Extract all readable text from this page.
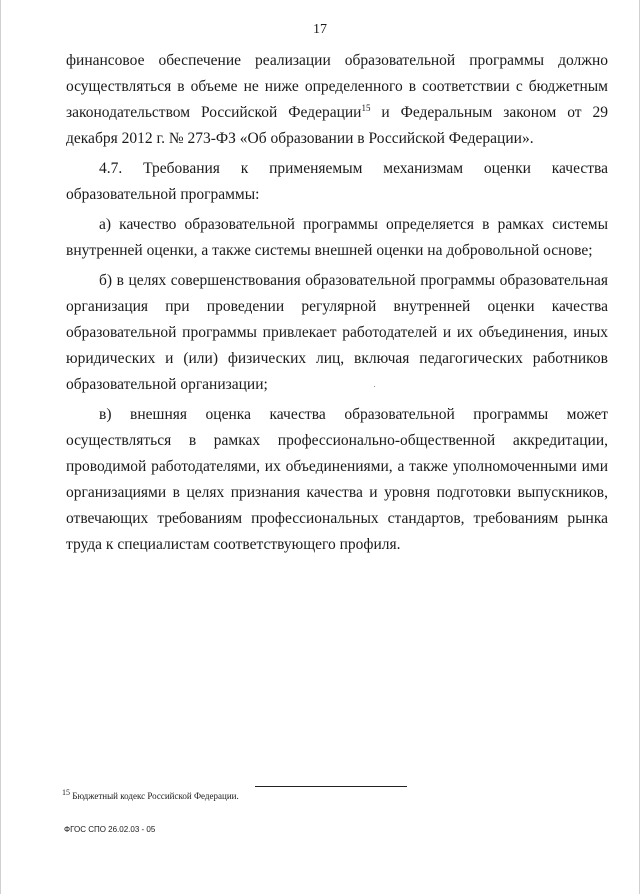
17

финансовое обеспечение реализации образовательной программы должно осуществляться в объеме не ниже определенного в соответствии с бюджетным законодательством Российской Федерации$^{15}$ и Федеральным законом от 29 декабря 2012 г. № 273-ФЗ «Об образовании в Российской Федерации».

4.7. Требования к применяемым механизмам оценки качества образовательной программы:

а) качество образовательной программы определяется в рамках системы внутренней оценки, а также системы внешней оценки на добровольной основе;

б) в целях совершенствования образовательной программы образовательная организация при проведении регулярной внутренней оценки качества образовательной программы привлекает работодателей и их объединения, иных юридических и (или) физических лиц, включая педагогических работников образовательной организации;

в) внешняя оценка качества образовательной программы может осуществляться в рамках профессионально-общественной аккредитации, проводимой работодателями, их объединениями, а также уполномоченными ими организациями в целях признания качества и уровня подготовки выпускников, отвечающих требованиям профессиональных стандартов, требованиям рынка труда к специалистам соответствующего профиля.

$^{15}$ Бюджетный кодекс Российской Федерации.
ФГОС СПО 26.02.03 - 05
